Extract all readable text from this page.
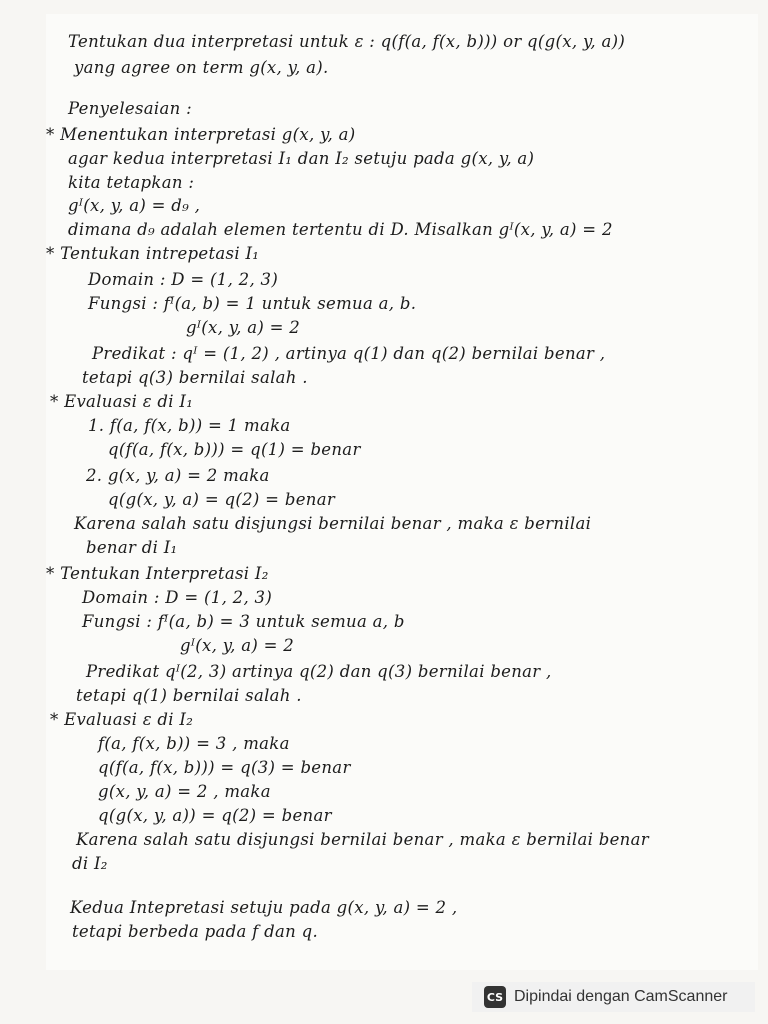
Tentukan dua interpretasi untuk ε : q(f(a, f(x, b))) or q(g(x, y, a))

yang agree on term g(x, y, a).

Penyelesaian :

* Menentukan interpretasi g(x, y, a)

agar kedua interpretasi I₁ dan I₂ setuju pada g(x, y, a)

kita tetapkan :

gᴵ(x, y, a) = d₉ ,

dimana d₉ adalah elemen tertentu di D. Misalkan gᴵ(x, y, a) = 2

* Tentukan intrepetasi I₁

Domain : D = (1, 2, 3)

Fungsi : fᴵ(a, b) = 1 untuk semua a, b.

gᴵ(x, y, a) = 2

Predikat : qᴵ = (1, 2) , artinya q(1) dan q(2) bernilai benar ,

tetapi q(3) bernilai salah .

* Evaluasi ε di I₁

1. f(a, f(x, b)) = 1 maka

q(f(a, f(x, b))) = q(1) = benar

2. g(x, y, a) = 2 maka

q(g(x, y, a) = q(2) = benar

Karena salah satu disjungsi bernilai benar , maka ε bernilai

benar di I₁

* Tentukan Interpretasi I₂

Domain : D = (1, 2, 3)

Fungsi : fᴵ(a, b) = 3 untuk semua a, b

gᴵ(x, y, a) = 2

Predikat qᴵ(2, 3) artinya q(2) dan q(3) bernilai benar ,

tetapi q(1) bernilai salah .

* Evaluasi ε di I₂

f(a, f(x, b)) = 3 , maka

q(f(a, f(x, b))) = q(3) = benar

g(x, y, a) = 2 , maka

q(g(x, y, a)) = q(2) = benar

Karena salah satu disjungsi bernilai benar , maka ε bernilai benar

di I₂

Kedua Intepretasi setuju pada g(x, y, a) = 2 ,

tetapi berbeda pada f dan q.

CS Dipindai dengan CamScanner
